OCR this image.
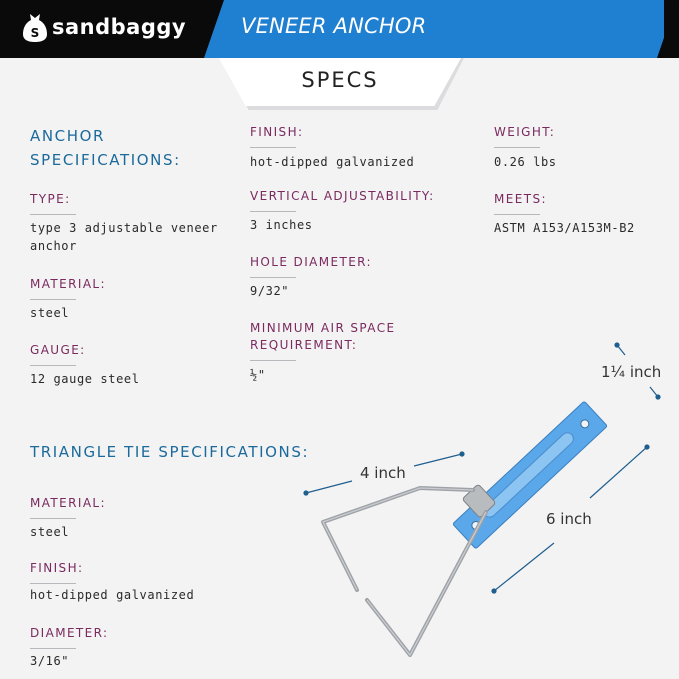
S sandbaggy	VENEER ANCHOR
SPECS
ANCHOR
SPECIFICATIONS:
TYPE:
type 3 adjustable veneer
anchor
MATERIAL:
steel
GAUGE:
12 gauge steel
FINISH:
hot-dipped galvanized
VERTICAL ADJUSTABILITY:
3 inches
HOLE DIAMETER:
9/32"
MINIMUM AIR SPACE
REQUIREMENT:
½"
WEIGHT:
0.26 lbs
MEETS:
ASTM A153/A153M-B2
TRIANGLE TIE SPECIFICATIONS:
MATERIAL:
steel
FINISH:
hot-dipped galvanized
DIAMETER:
3/16"
4 inch
1¼ inch
6 inch
